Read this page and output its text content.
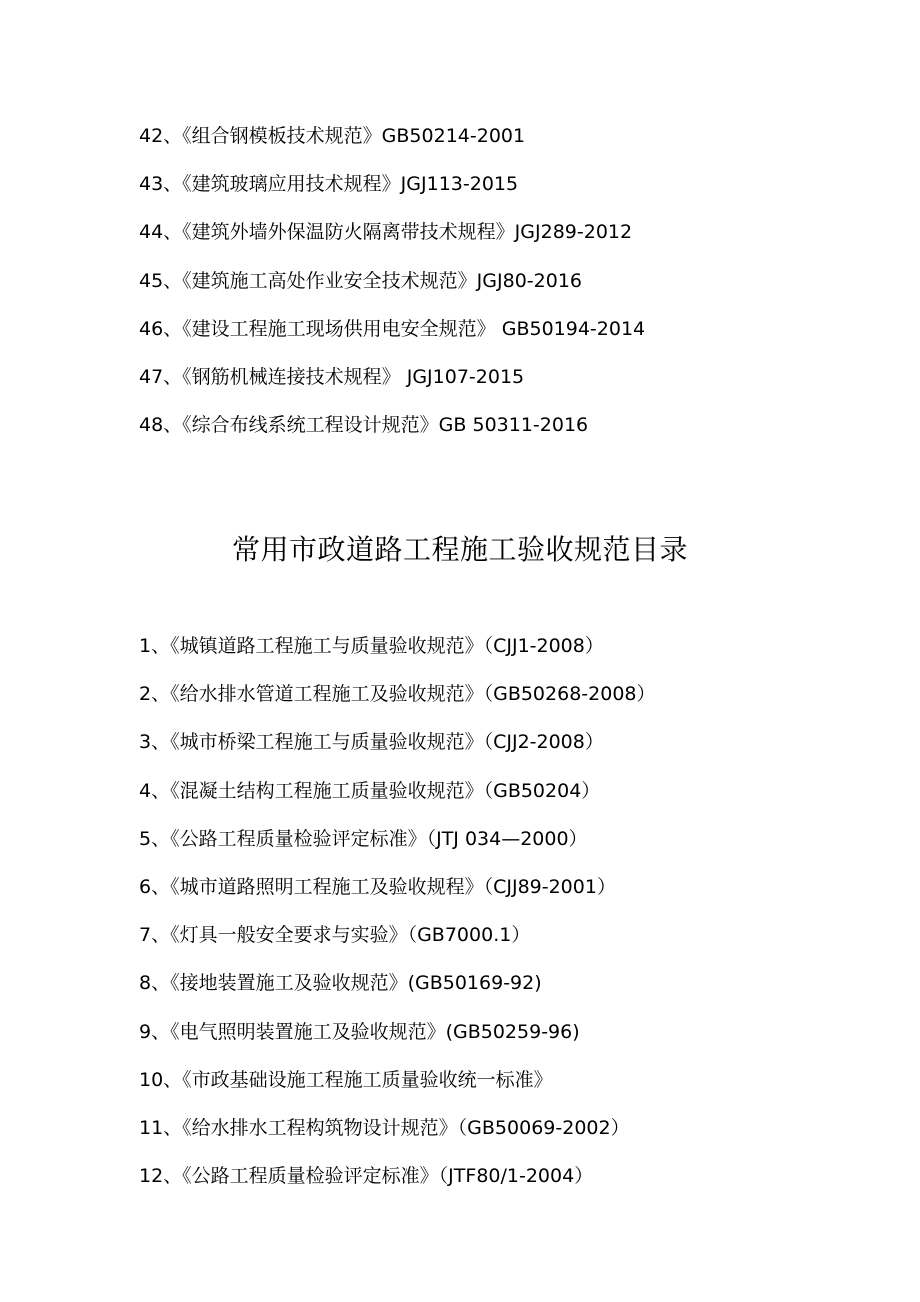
42、《组合钢模板技术规范》GB50214-2001
43、《建筑玻璃应用技术规程》JGJ113-2015
44、《建筑外墙外保温防火隔离带技术规程》JGJ289-2012
45、《建筑施工高处作业安全技术规范》JGJ80-2016
46、《建设工程施工现场供用电安全规范》 GB50194-2014
47、《钢筋机械连接技术规程》 JGJ107-2015
48、《综合布线系统工程设计规范》GB 50311-2016
常用市政道路工程施工验收规范目录
1、《城镇道路工程施工与质量验收规范》（CJJ1-2008）
2、《给水排水管道工程施工及验收规范》（GB50268-2008）
3、《城市桥梁工程施工与质量验收规范》（CJJ2-2008）
4、《混凝土结构工程施工质量验收规范》（GB50204）
5、《公路工程质量检验评定标准》（JTJ 034—2000）
6、《城市道路照明工程施工及验收规程》（CJJ89-2001）
7、《灯具一般安全要求与实验》（GB7000.1）
8、《接地装置施工及验收规范》(GB50169-92)
9、《电气照明装置施工及验收规范》(GB50259-96)
10、《市政基础设施工程施工质量验收统一标准》
11、《给水排水工程构筑物设计规范》（GB50069-2002）
12、《公路工程质量检验评定标准》（JTF80/1-2004）
